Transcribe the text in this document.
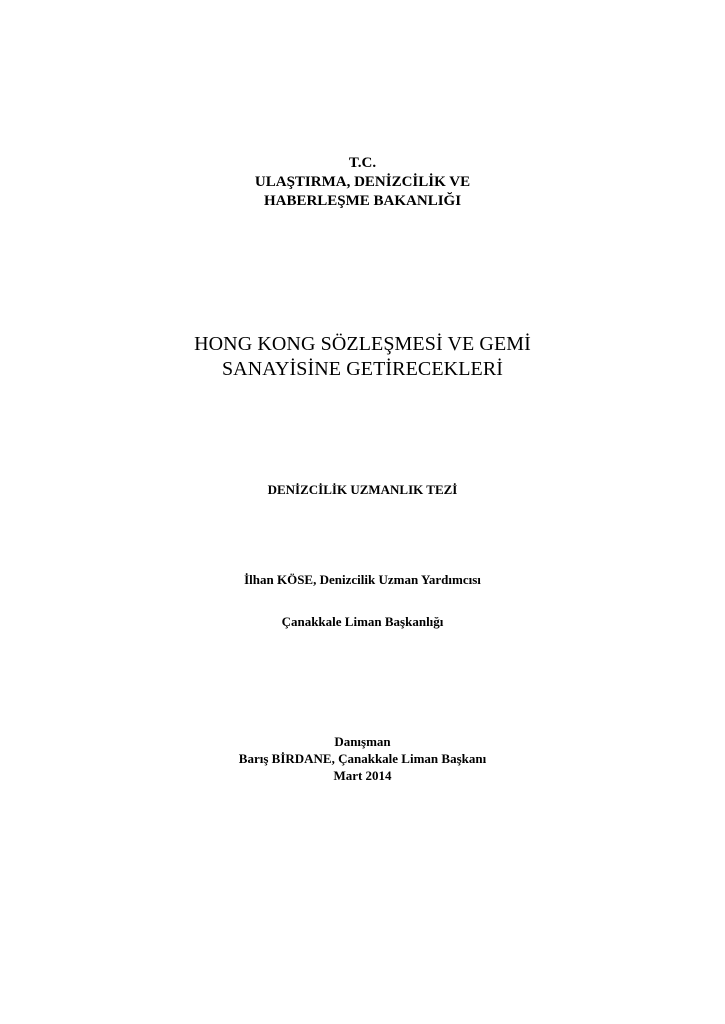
T.C.
ULAŞTIRMA, DENİZCİLİK VE
HABERLEŞME BAKANLIĞI
HONG KONG SÖZLEŞMESİ VE GEMİ
SANAYİSİNE GETİRECEKLERİ
DENİZCİLİK UZMANLIK TEZİ
İlhan KÖSE, Denizcilik Uzman Yardımcısı
Çanakkale Liman Başkanlığı
Danışman
Barış BİRDANE, Çanakkale Liman Başkanı
Mart 2014
